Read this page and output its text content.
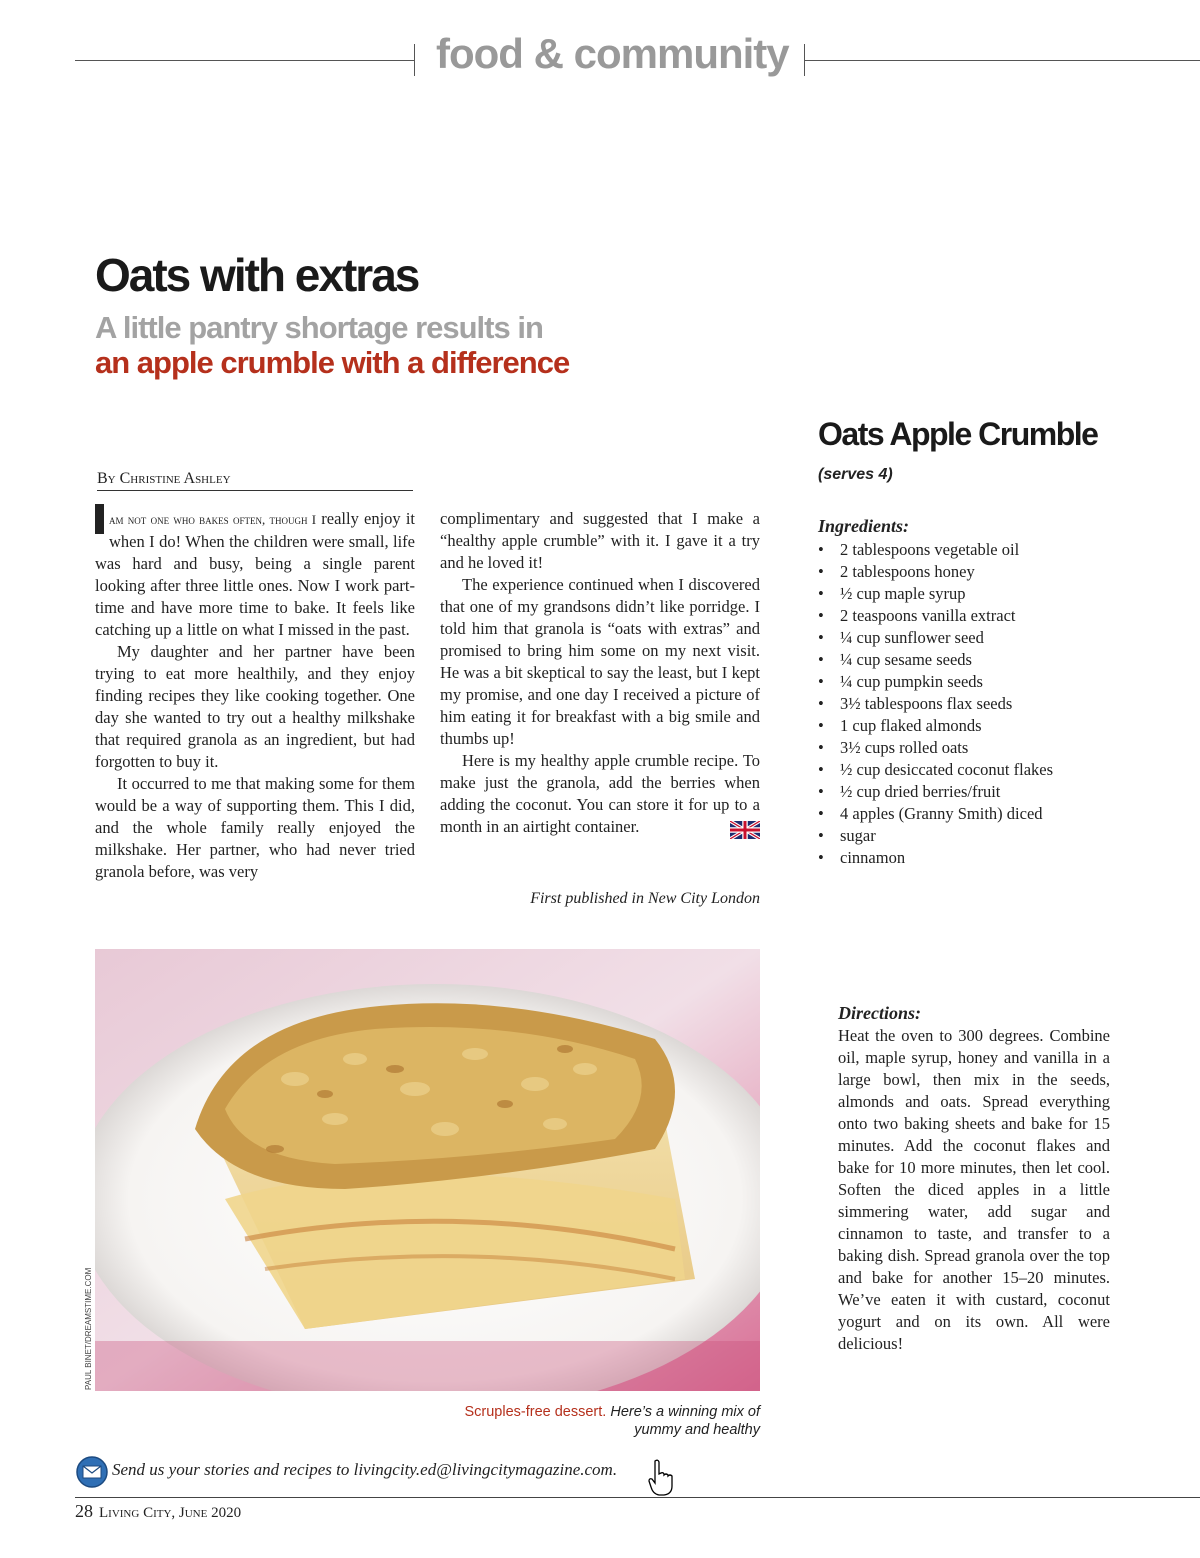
food & community
Oats with extras
A little pantry shortage results in
an apple crumble with a difference
By Christine Ashley

am not one who bakes often, though I really enjoy it when I do! When the children were small, life was hard and busy, being a single parent looking after three little ones. Now I work part-time and have more time to bake. It feels like catching up a little on what I missed in the past.

My daughter and her partner have been trying to eat more healthily, and they enjoy finding recipes they like cooking together. One day she wanted to try out a healthy milkshake that required granola as an ingredient, but had forgotten to buy it.

It occurred to me that making some for them would be a way of supporting them. This I did, and the whole family really enjoyed the milkshake. Her partner, who had never tried granola before, was very

complimentary and suggested that I make a “healthy apple crumble” with it. I gave it a try and he loved it!

The experience continued when I discovered that one of my grandsons didn’t like porridge. I told him that granola is “oats with extras” and promised to bring him some on my next visit. He was a bit skeptical to say the least, but I kept my promise, and one day I received a picture of him eating it for breakfast with a big smile and thumbs up!

Here is my healthy apple crumble recipe. To make just the granola, add the berries when adding the coconut. You can store it for up to a month in an airtight container.

First published in New City London
Oats Apple Crumble
(serves 4)
Ingredients:
• 2 tablespoons vegetable oil
• 2 tablespoons honey
• ½ cup maple syrup
• 2 teaspoons vanilla extract
• ¼ cup sunflower seed
• ¼ cup sesame seeds
• ¼ cup pumpkin seeds
• 3½ tablespoons flax seeds
• 1 cup flaked almonds
• 3½ cups rolled oats
• ½ cup desiccated coconut flakes
• ½ cup dried berries/fruit
• 4 apples (Granny Smith) diced
• sugar
• cinnamon
Directions:
Heat the oven to 300 degrees. Combine oil, maple syrup, honey and vanilla in a large bowl, then mix in the seeds, almonds and oats. Spread everything onto two baking sheets and bake for 15 minutes. Add the coconut flakes and bake for 10 more minutes, then let cool. Soften the diced apples in a little simmering water, add sugar and cinnamon to taste, and transfer to a baking dish. Spread granola over the top and bake for another 15–20 minutes. We’ve eaten it with custard, coconut yogurt and on its own. All were delicious!
PAUL BINET/DREAMSTIME.COM
Scruples-free dessert. Here’s a winning mix of yummy and healthy
Send us your stories and recipes to livingcity.ed@livingcitymagazine.com.
28 Living City, June 2020
